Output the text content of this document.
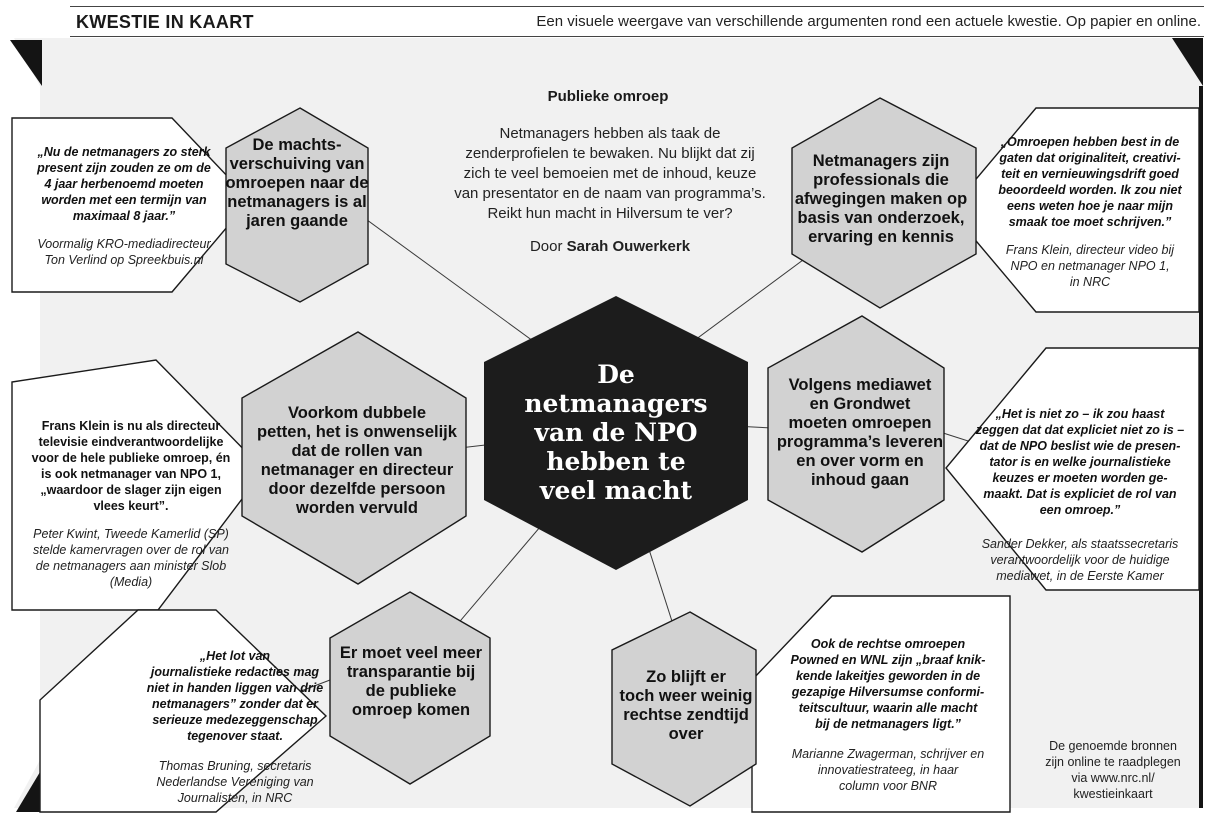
KWESTIE IN KAART	Een visuele weergave van verschillende argumenten rond een actuele kwestie. Op papier en online.
Publieke omroep
Netmanagers hebben als taak de
zenderprofielen te bewaken. Nu blijkt dat zij
zich te veel bemoeien met de inhoud, keuze
van presentator en de naam van programma’s.
Reikt hun macht in Hilversum te ver?
Door Sarah Ouwerkerk
De
netmanagers
van de NPO
hebben te
veel macht
De machts-
verschuiving van
omroepen naar de
netmanagers is al
jaren gaande
Netmanagers zijn
professionals die
afwegingen maken op
basis van onderzoek,
ervaring en kennis
Voorkom dubbele
petten, het is onwenselijk
dat de rollen van
netmanager en directeur
door dezelfde persoon
worden vervuld
Volgens mediawet
en Grondwet
moeten omroepen
programma’s leveren
en over vorm en
inhoud gaan
Er moet veel meer
transparantie bij
de publieke
omroep komen
Zo blijft er
toch weer weinig
rechtse zendtijd
over
„Nu de netmanagers zo sterk
present zijn zouden ze om de
4 jaar herbenoemd moeten
worden met een termijn van
maximaal 8 jaar.”
Voormalig KRO-mediadirecteur
Ton Verlind op Spreekbuis.nl
„Omroepen hebben best in de
gaten dat originaliteit, creativi-
teit en vernieuwingsdrift goed
beoordeeld worden. Ik zou niet
eens weten hoe je naar mijn
smaak toe moet schrijven.”
Frans Klein, directeur video bij
NPO en netmanager NPO 1,
in NRC
Frans Klein is nu als directeur
televisie eindverantwoordelijke
voor de hele publieke omroep, én
is ook netmanager van NPO 1,
„waardoor de slager zijn eigen
vlees keurt”.
Peter Kwint, Tweede Kamerlid (SP)
stelde kamervragen over de rol van
de netmanagers aan minister Slob
(Media)
„Het is niet zo – ik zou haast
zeggen dat dat expliciet niet zo is –
dat de NPO beslist wie de presen-
tator is en welke journalistieke
keuzes er moeten worden ge-
maakt. Dat is expliciet de rol van
een omroep.”
Sander Dekker, als staatssecretaris
verantwoordelijk voor de huidige
mediawet, in de Eerste Kamer
„Het lot van
journalistieke redacties mag
niet in handen liggen van drie
netmanagers” zonder dat er
serieuze medezeggenschap
tegenover staat.
Thomas Bruning, secretaris
Nederlandse Vereniging van
Journalisten, in NRC
Ook de rechtse omroepen
Powned en WNL zijn „braaf knik-
kende lakeitjes geworden in de
gezapige Hilversumse conformi-
teitscultuur, waarin alle macht
bij de netmanagers ligt.”
Marianne Zwagerman, schrijver en
innovatiestrateeg, in haar
column voor BNR
De genoemde bronnen
zijn online te raadplegen
via www.nrc.nl/
kwestieinkaart
